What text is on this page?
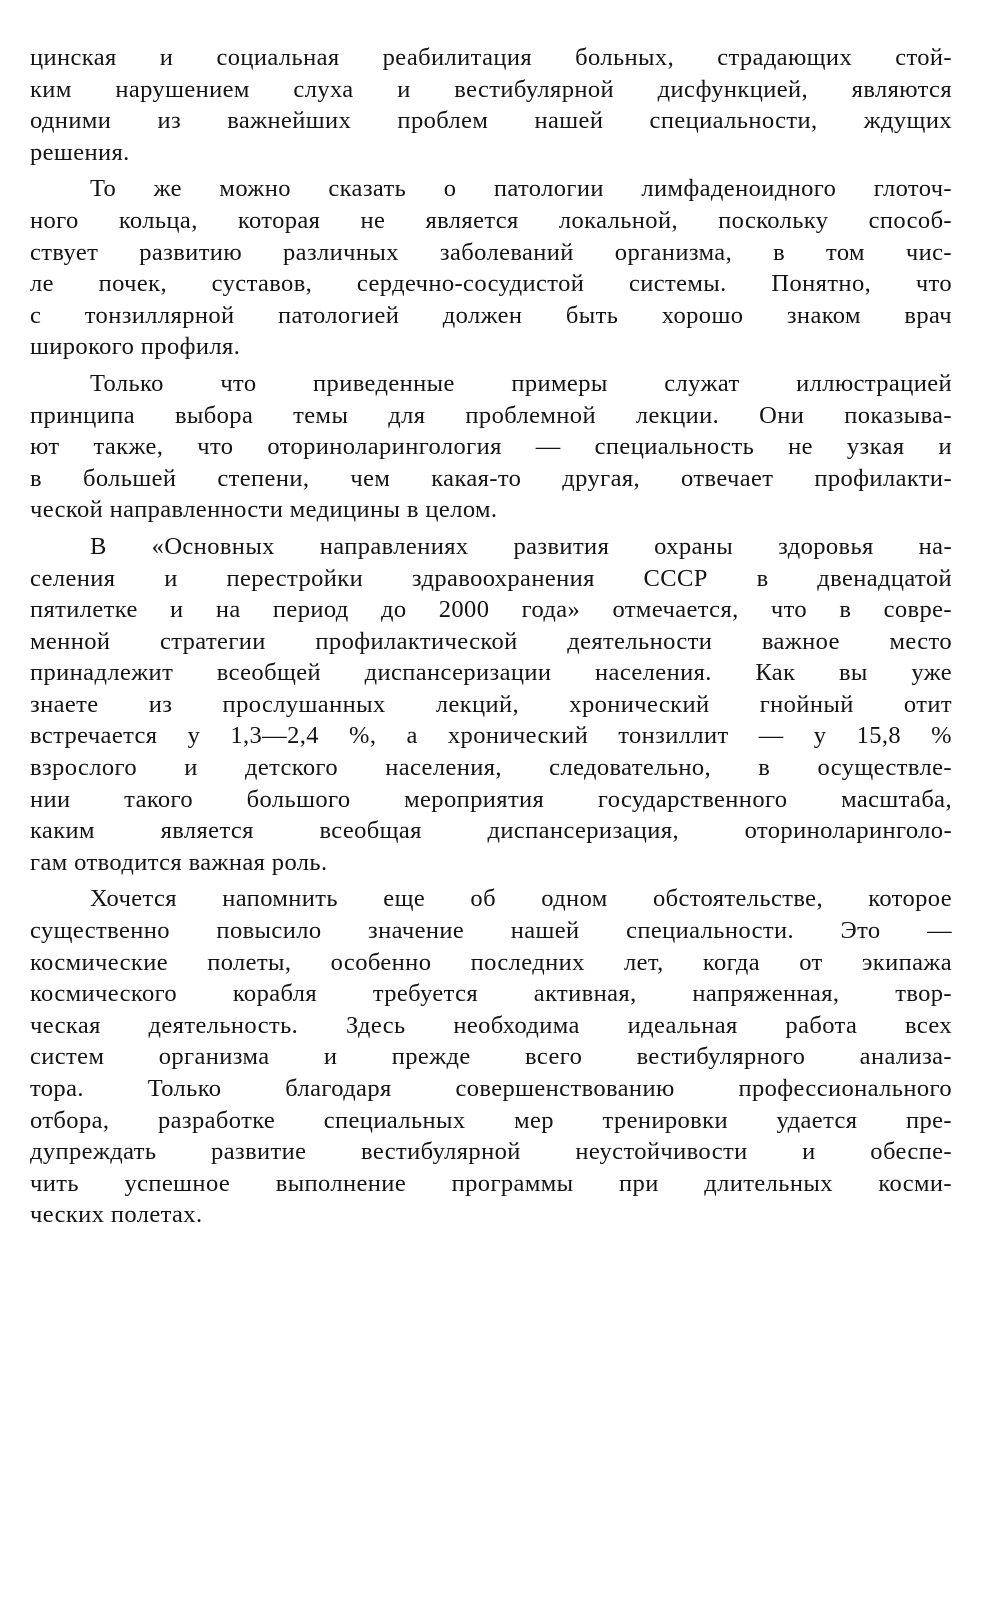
цинская и социальная реабилитация больных, страдающих стой-
ким нарушением слуха и вестибулярной дисфункцией, являются
одними из важнейших проблем нашей специальности, ждущих
решения.
То же можно сказать о патологии лимфаденоидного глоточ-
ного кольца, которая не является локальной, поскольку способ-
ствует развитию различных заболеваний организма, в том чис-
ле почек, суставов, сердечно-сосудистой системы. Понятно, что
с тонзиллярной патологией должен быть хорошо знаком врач
широкого профиля.
Только что приведенные примеры служат иллюстрацией
принципа выбора темы для проблемной лекции. Они показыва-
ют также, что оториноларингология — специальность не узкая и
в большей степени, чем какая-то другая, отвечает профилакти-
ческой направленности медицины в целом.
В «Основных направлениях развития охраны здоровья на-
селения и перестройки здравоохранения СССР в двенадцатой
пятилетке и на период до 2000 года» отмечается, что в совре-
менной стратегии профилактической деятельности важное место
принадлежит всеобщей диспансеризации населения. Как вы уже
знаете из прослушанных лекций, хронический гнойный отит
встречается у 1,3—2,4 %, а хронический тонзиллит — у 15,8 %
взрослого и детского населения, следовательно, в осуществле-
нии такого большого мероприятия государственного масштаба,
каким является всеобщая диспансеризация, оториноларинголо-
гам отводится важная роль.
Хочется напомнить еще об одном обстоятельстве, которое
существенно повысило значение нашей специальности. Это —
космические полеты, особенно последних лет, когда от экипажа
космического корабля требуется активная, напряженная, твор-
ческая деятельность. Здесь необходима идеальная работа всех
систем организма и прежде всего вестибулярного анализа-
тора. Только благодаря совершенствованию профессионального
отбора, разработке специальных мер тренировки удается пре-
дупреждать развитие вестибулярной неустойчивости и обеспе-
чить успешное выполнение программы при длительных косми-
ческих полетах.
